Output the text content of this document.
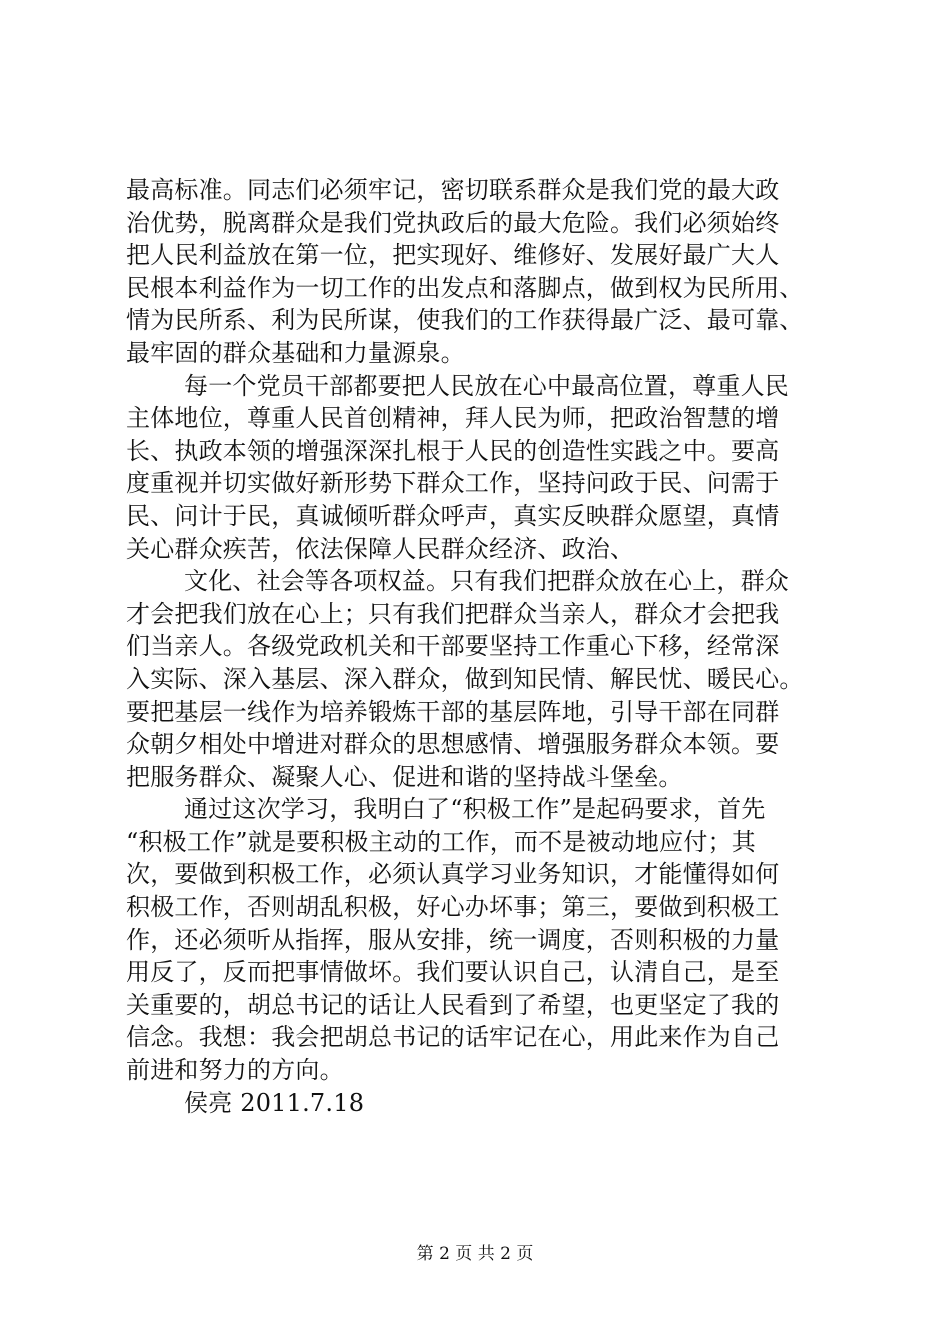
最高标准。同志们必须牢记，密切联系群众是我们党的最大政
治优势，脱离群众是我们党执政后的最大危险。我们必须始终
把人民利益放在第一位，把实现好、维修好、发展好最广大人
民根本利益作为一切工作的出发点和落脚点，做到权为民所用、
情为民所系、利为民所谋，使我们的工作获得最广泛、最可靠、
最牢固的群众基础和力量源泉。
每一个党员干部都要把人民放在心中最高位置，尊重人民
主体地位，尊重人民首创精神，拜人民为师，把政治智慧的增
长、执政本领的增强深深扎根于人民的创造性实践之中。要高
度重视并切实做好新形势下群众工作，坚持问政于民、问需于
民、问计于民，真诚倾听群众呼声，真实反映群众愿望，真情
关心群众疾苦，依法保障人民群众经济、政治、
文化、社会等各项权益。只有我们把群众放在心上，群众
才会把我们放在心上；只有我们把群众当亲人，群众才会把我
们当亲人。各级党政机关和干部要坚持工作重心下移，经常深
入实际、深入基层、深入群众，做到知民情、解民忧、暖民心。
要把基层一线作为培养锻炼干部的基层阵地，引导干部在同群
众朝夕相处中增进对群众的思想感情、增强服务群众本领。要
把服务群众、凝聚人心、促进和谐的坚持战斗堡垒。
通过这次学习，我明白了“积极工作”是起码要求，首先
“积极工作”就是要积极主动的工作，而不是被动地应付；其
次，要做到积极工作，必须认真学习业务知识，才能懂得如何
积极工作，否则胡乱积极，好心办坏事；第三，要做到积极工
作，还必须听从指挥，服从安排，统一调度，否则积极的力量
用反了，反而把事情做坏。我们要认识自己，认清自己，是至
关重要的，胡总书记的话让人民看到了希望，也更坚定了我的
信念。我想：我会把胡总书记的话牢记在心，用此来作为自己
前进和努力的方向。
侯亮 2011.7.18
第 2 页 共 2 页
